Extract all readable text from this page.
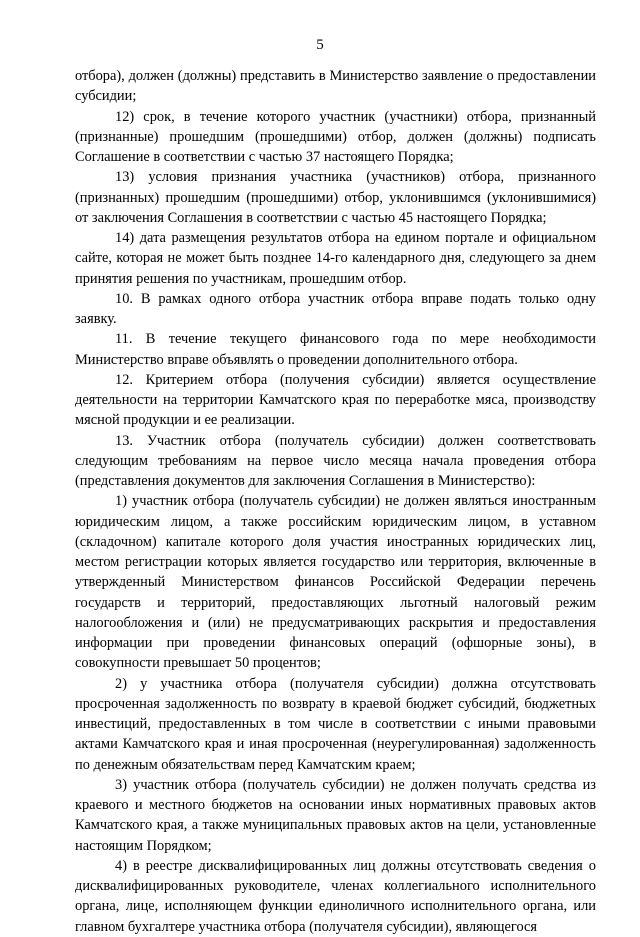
5

отбора), должен (должны) представить в Министерство заявление о предоставлении субсидии;

12) срок, в течение которого участник (участники) отбора, признанный (признанные) прошедшим (прошедшими) отбор, должен (должны) подписать Соглашение в соответствии с частью 37 настоящего Порядка;

13) условия признания участника (участников) отбора, признанного (признанных) прошедшим (прошедшими) отбор, уклонившимся (уклонившимися) от заключения Соглашения в соответствии с частью 45 настоящего Порядка;

14) дата размещения результатов отбора на едином портале и официальном сайте, которая не может быть позднее 14-го календарного дня, следующего за днем принятия решения по участникам, прошедшим отбор.

10. В рамках одного отбора участник отбора вправе подать только одну заявку.

11. В течение текущего финансового года по мере необходимости Министерство вправе объявлять о проведении дополнительного отбора.

12. Критерием отбора (получения субсидии) является осуществление деятельности на территории Камчатского края по переработке мяса, производству мясной продукции и ее реализации.

13. Участник отбора (получатель субсидии) должен соответствовать следующим требованиям на первое число месяца начала проведения отбора (представления документов для заключения Соглашения в Министерство):

1) участник отбора (получатель субсидии) не должен являться иностранным юридическим лицом, а также российским юридическим лицом, в уставном (складочном) капитале которого доля участия иностранных юридических лиц, местом регистрации которых является государство или территория, включенные в утвержденный Министерством финансов Российской Федерации перечень государств и территорий, предоставляющих льготный налоговый режим налогообложения и (или) не предусматривающих раскрытия и предоставления информации при проведении финансовых операций (офшорные зоны), в совокупности превышает 50 процентов;

2) у участника отбора (получателя субсидии) должна отсутствовать просроченная задолженность по возврату в краевой бюджет субсидий, бюджетных инвестиций, предоставленных в том числе в соответствии с иными правовыми актами Камчатского края и иная просроченная (неурегулированная) задолженность по денежным обязательствам перед Камчатским краем;

3) участник отбора (получатель субсидии) не должен получать средства из краевого и местного бюджетов на основании иных нормативных правовых актов Камчатского края, а также муниципальных правовых актов на цели, установленные настоящим Порядком;

4) в реестре дисквалифицированных лиц должны отсутствовать сведения о дисквалифицированных руководителе, членах коллегиального исполнительного органа, лице, исполняющем функции единоличного исполнительного органа, или главном бухгалтере участника отбора (получателя субсидии), являющегося
